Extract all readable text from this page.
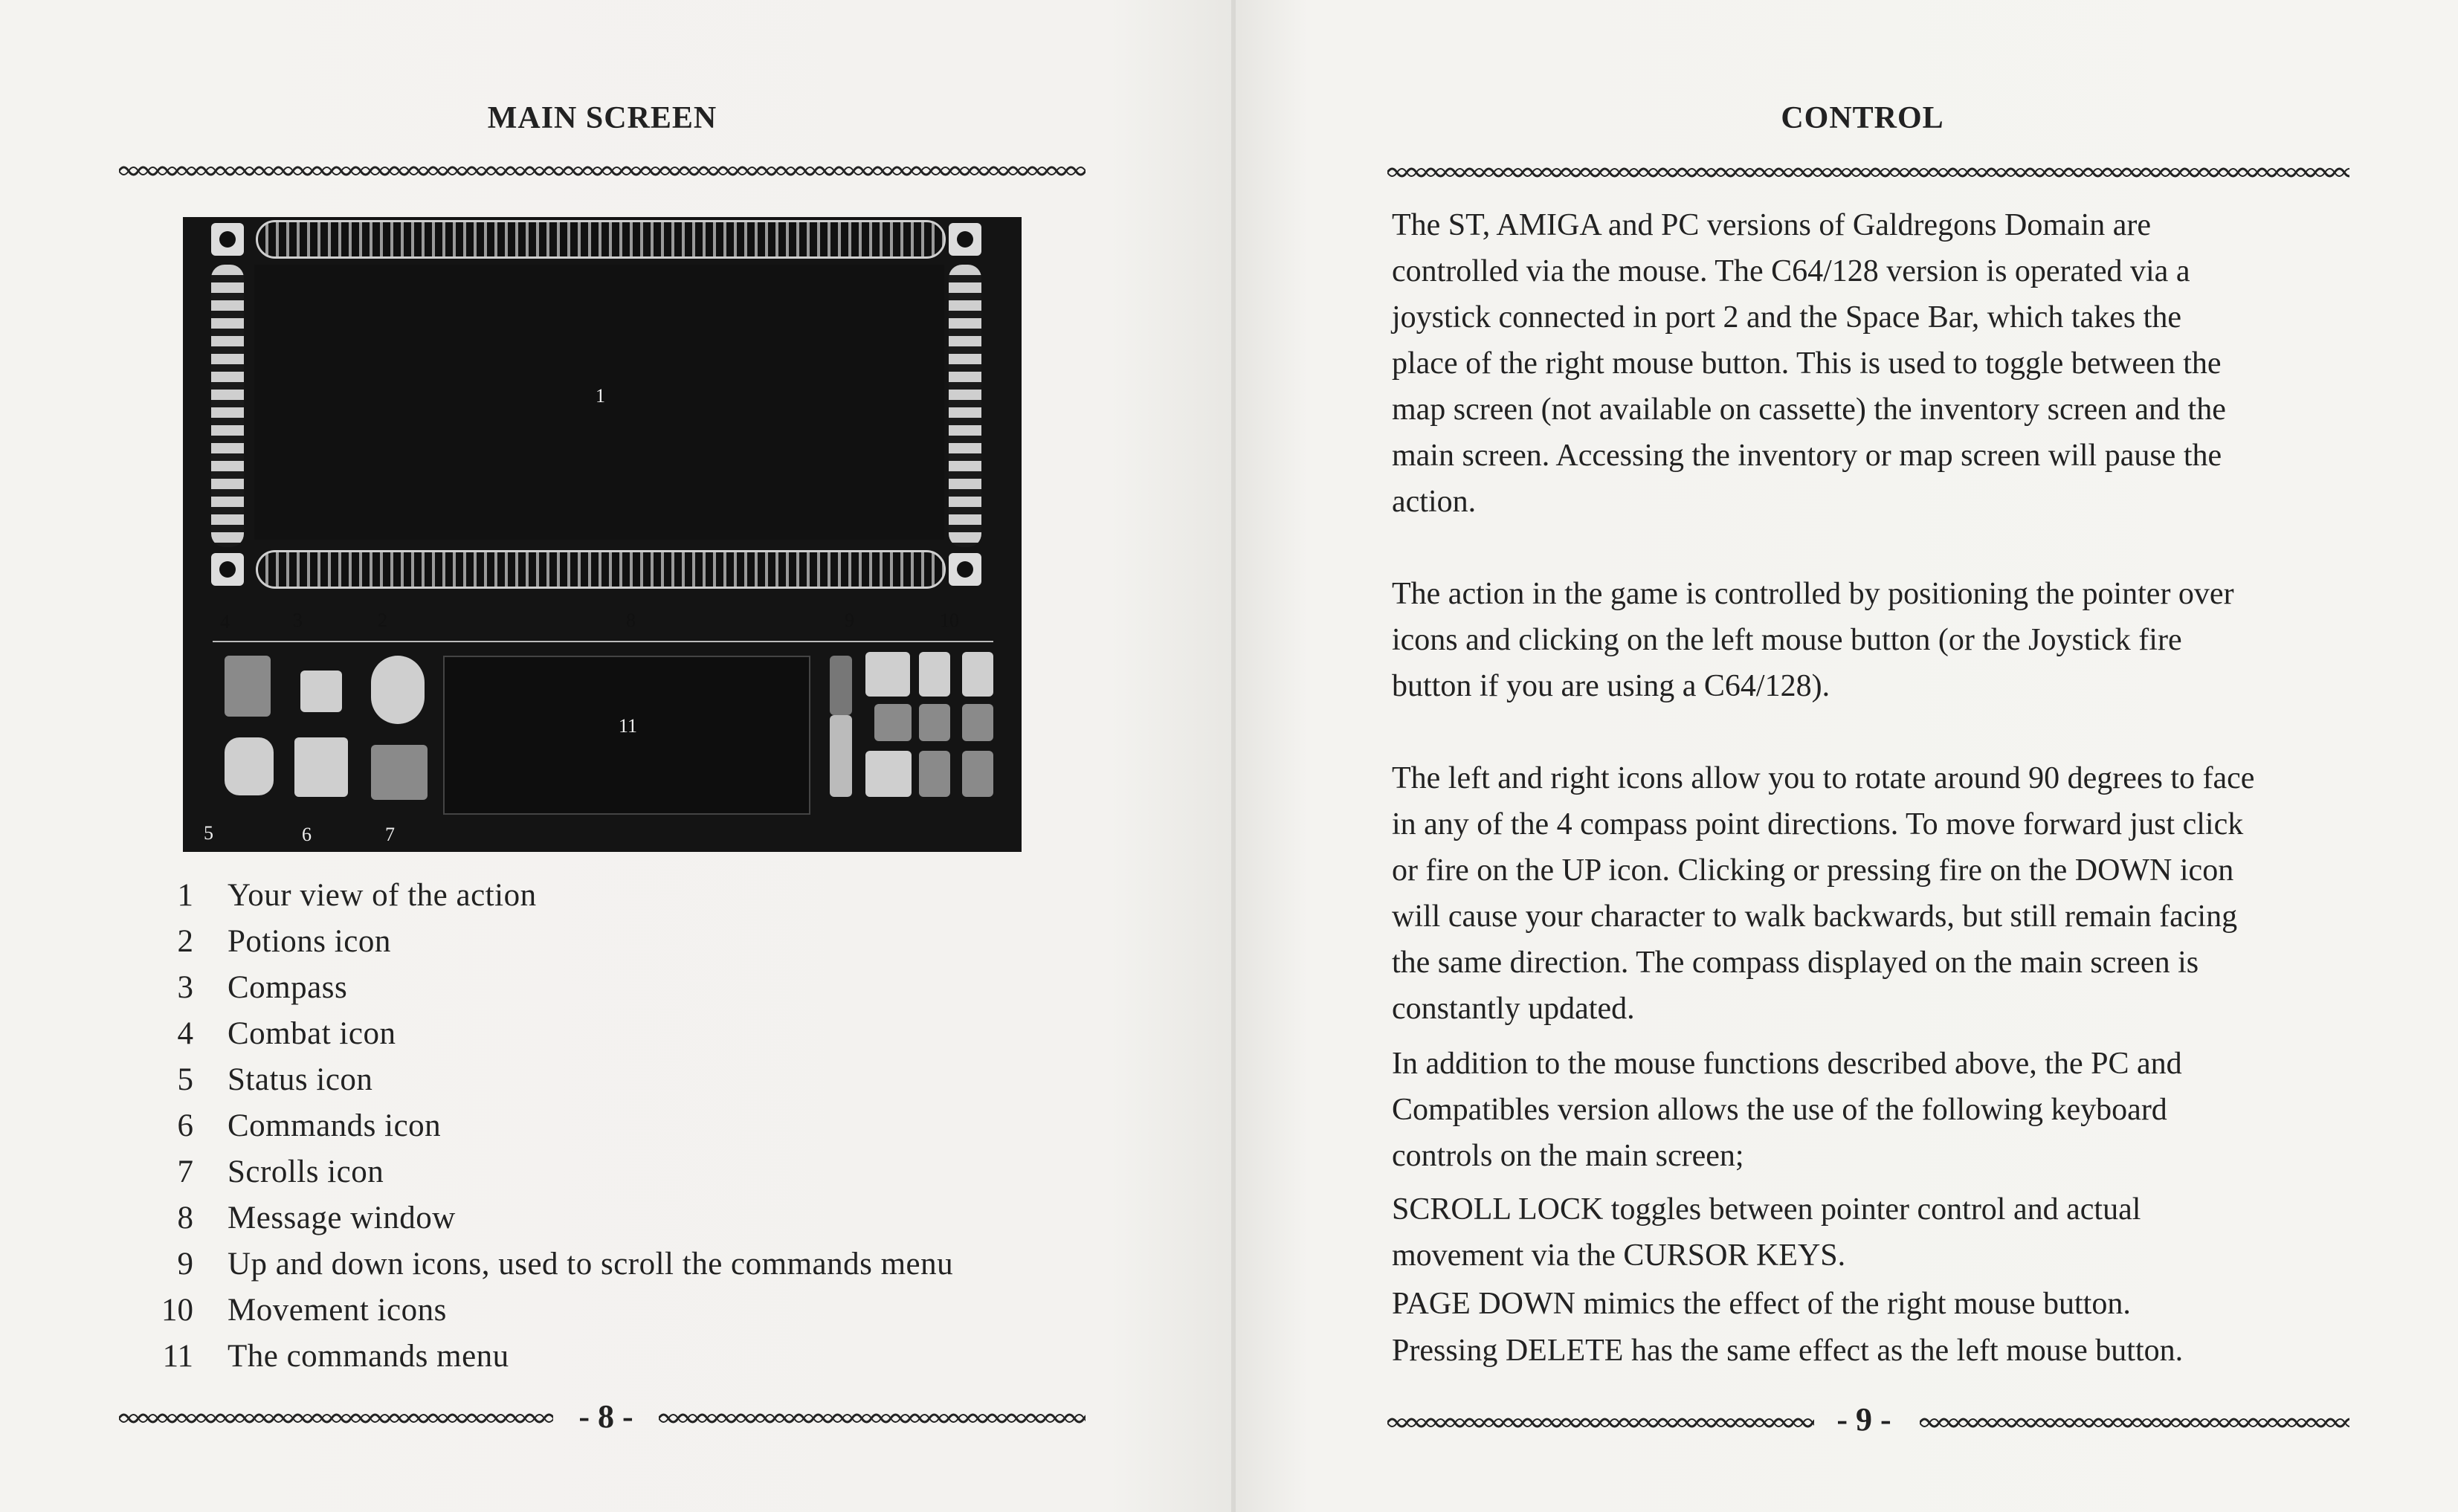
MAIN SCREEN
1
2
3
4
5	6	7
8	9	10
11
1 Your view of the action
2 Potions icon
3 Compass
4 Combat icon
5 Status icon
6 Commands icon
7 Scrolls icon
8 Message window
9 Up and down icons, used to scroll the commands menu
10 Movement icons
11 The commands menu
- 8 -
CONTROL
The ST, AMIGA and PC versions of Galdregons Domain are
controlled via the mouse. The C64/128 version is operated via a
joystick connected in port 2 and the Space Bar, which takes the
place of the right mouse button. This is used to toggle between the
map screen (not available on cassette) the inventory screen and the
main screen. Accessing the inventory or map screen will pause the
action.
The action in the game is controlled by positioning the pointer over
icons and clicking on the left mouse button (or the Joystick fire
button if you are using a C64/128).
The left and right icons allow you to rotate around 90 degrees to face
in any of the 4 compass point directions. To move forward just click
or fire on the UP icon. Clicking or pressing fire on the DOWN icon
will cause your character to walk backwards, but still remain facing
the same direction. The compass displayed on the main screen is
constantly updated.
In addition to the mouse functions described above, the PC and
Compatibles version allows the use of the following keyboard
controls on the main screen;
SCROLL LOCK toggles between pointer control and actual
movement via the CURSOR KEYS.
PAGE DOWN mimics the effect of the right mouse button.
Pressing DELETE has the same effect as the left mouse button.
- 9 -
